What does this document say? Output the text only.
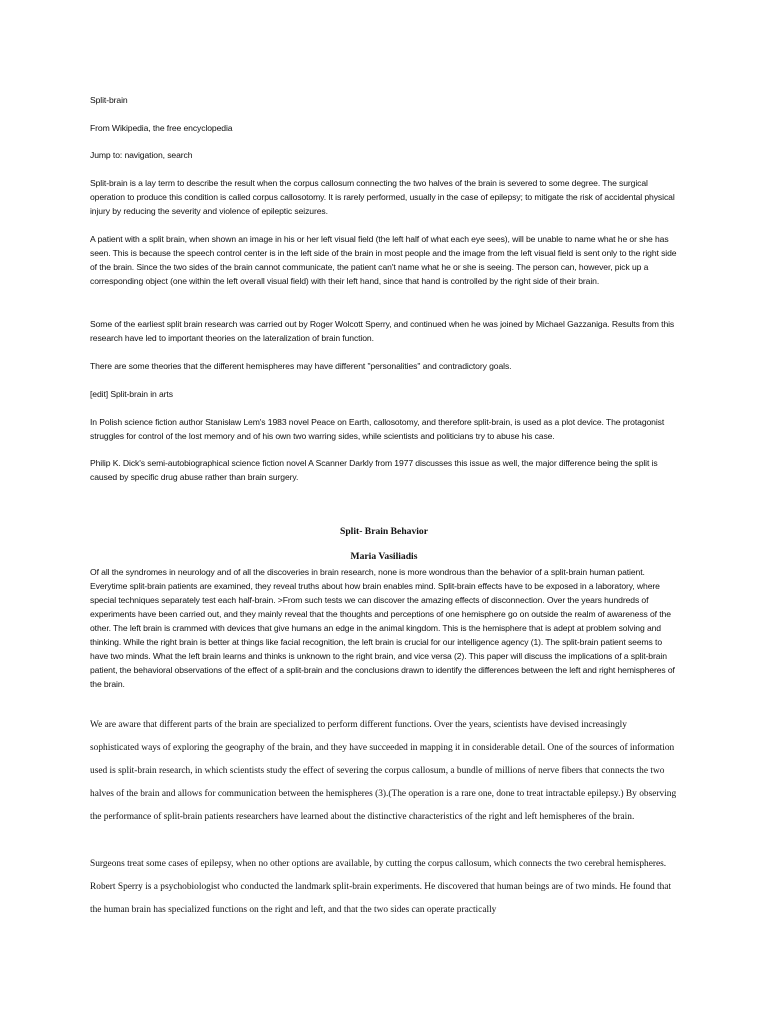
Split-brain

From Wikipedia, the free encyclopedia

Jump to: navigation, search

Split-brain is a lay term to describe the result when the corpus callosum connecting the two halves of the brain is severed to some degree. The surgical operation to produce this condition is called corpus callosotomy. It is rarely performed, usually in the case of epilepsy; to mitigate the risk of accidental physical injury by reducing the severity and violence of epileptic seizures.

A patient with a split brain, when shown an image in his or her left visual field (the left half of what each eye sees), will be unable to name what he or she has seen. This is because the speech control center is in the left side of the brain in most people and the image from the left visual field is sent only to the right side of the brain. Since the two sides of the brain cannot communicate, the patient can't name what he or she is seeing. The person can, however, pick up a corresponding object (one within the left overall visual field) with their left hand, since that hand is controlled by the right side of their brain.

Some of the earliest split brain research was carried out by Roger Wolcott Sperry, and continued when he was joined by Michael Gazzaniga. Results from this research have led to important theories on the lateralization of brain function.

There are some theories that the different hemispheres may have different "personalities" and contradictory goals.

[edit] Split-brain in arts

In Polish science fiction author Stanisław Lem's 1983 novel Peace on Earth, callosotomy, and therefore split-brain, is used as a plot device. The protagonist struggles for control of the lost memory and of his own two warring sides, while scientists and politicians try to abuse his case.

Philip K. Dick's semi-autobiographical science fiction novel A Scanner Darkly from 1977 discusses this issue as well, the major difference being the split is caused by specific drug abuse rather than brain surgery.

Split- Brain Behavior
Maria Vasiliadis

Of all the syndromes in neurology and of all the discoveries in brain research, none is more wondrous than the behavior of a split-brain human patient. Everytime split-brain patients are examined, they reveal truths about how brain enables mind. Split-brain effects have to be exposed in a laboratory, where special techniques separately test each half-brain. >From such tests we can discover the amazing effects of disconnection. Over the years hundreds of experiments have been carried out, and they mainly reveal that the thoughts and perceptions of one hemisphere go on outside the realm of awareness of the other. The left brain is crammed with devices that give humans an edge in the animal kingdom. This is the hemisphere that is adept at problem solving and thinking. While the right brain is better at things like facial recognition, the left brain is crucial for our intelligence agency (1). The split-brain patient seems to have two minds. What the left brain learns and thinks is unknown to the right brain, and vice versa (2). This paper will discuss the implications of a split-brain patient, the behavioral observations of the effect of a split-brain and the conclusions drawn to identify the differences between the left and right hemispheres of the brain.

We are aware that different parts of the brain are specialized to perform different functions. Over the years, scientists have devised increasingly sophisticated ways of exploring the geography of the brain, and they have succeeded in mapping it in considerable detail. One of the sources of information used is split-brain research, in which scientists study the effect of severing the corpus callosum, a bundle of millions of nerve fibers that connects the two halves of the brain and allows for communication between the hemispheres (3).(The operation is a rare one, done to treat intractable epilepsy.) By observing the performance of split-brain patients researchers have learned about the distinctive characteristics of the right and left hemispheres of the brain.

Surgeons treat some cases of epilepsy, when no other options are available, by cutting the corpus callosum, which connects the two cerebral hemispheres. Robert Sperry is a psychobiologist who conducted the landmark split-brain experiments. He discovered that human beings are of two minds. He found that the human brain has specialized functions on the right and left, and that the two sides can operate practically
